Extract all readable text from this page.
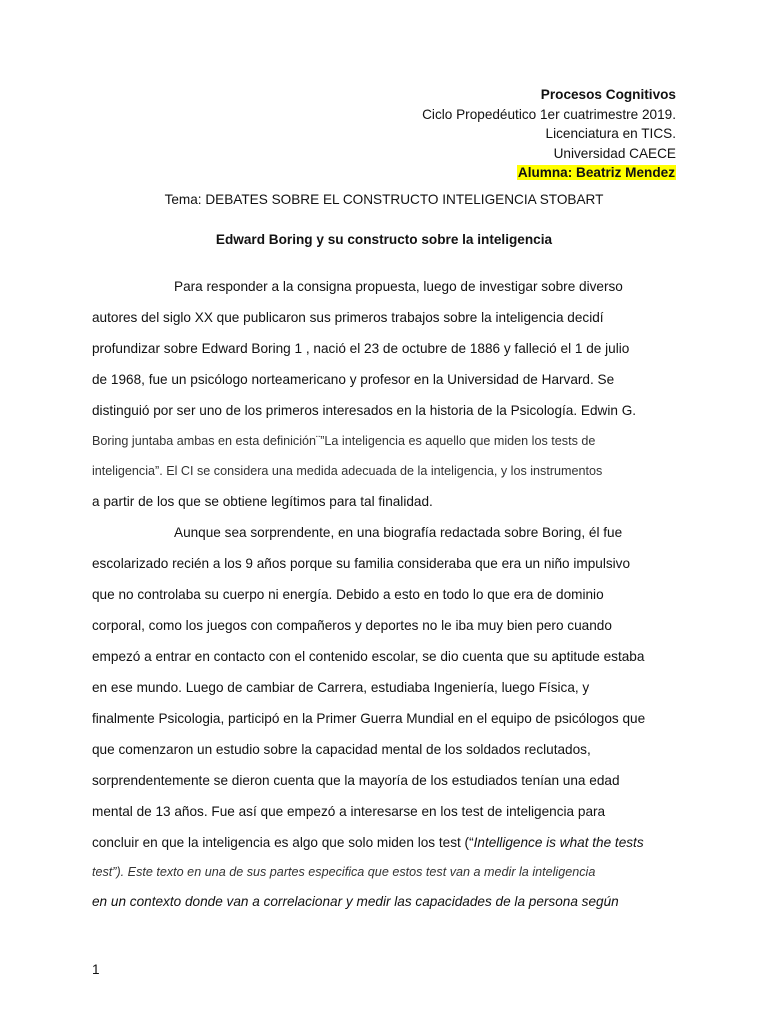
Procesos Cognitivos
Ciclo Propedéutico 1er cuatrimestre 2019.
Licenciatura en TICS.
Universidad CAECE
Alumna: Beatriz Mendez
Tema: DEBATES SOBRE EL CONSTRUCTO INTELIGENCIA STOBART
Edward Boring y su constructo sobre la inteligencia
Para responder a la consigna propuesta, luego de investigar sobre diverso
autores del siglo XX que publicaron sus primeros trabajos sobre la inteligencia decidí
profundizar sobre Edward Boring 1 , nació el 23 de octubre de 1886 y falleció el 1 de julio
de 1968, fue un psicólogo norteamericano y profesor en la Universidad de Harvard. Se
distinguió por ser uno de los primeros interesados en la historia de la Psicología. Edwin G.
Boring juntaba ambas en esta definición¨”La inteligencia es aquello que miden los tests de
inteligencia”. El CI se considera una medida adecuada de la inteligencia, y los instrumentos
a partir de los que se obtiene legítimos para tal finalidad.
Aunque sea sorprendente, en una biografía redactada sobre Boring, él fue
escolarizado recién a los 9 años porque su familia consideraba que era un niño impulsivo
que no controlaba su cuerpo ni energía. Debido a esto en todo lo que era de dominio
corporal, como los juegos con compañeros y deportes no le iba muy bien pero cuando
empezó a entrar en contacto con el contenido escolar, se dio cuenta que su aptitude estaba
en ese mundo. Luego de cambiar de Carrera, estudiaba Ingeniería, luego Física, y
finalmente Psicologia, participó en la Primer Guerra Mundial en el equipo de psicólogos que
que comenzaron un estudio sobre la capacidad mental de los soldados reclutados,
sorprendentemente se dieron cuenta que la mayoría de los estudiados tenían una edad
mental de 13 años. Fue así que empezó a interesarse en los test de inteligencia para
concluir en que la inteligencia es algo que solo miden los test (“Intelligence is what the tests
test”). Este texto en una de sus partes especifica que estos test van a medir la inteligencia
en un contexto donde van a correlacionar y medir las capacidades de la persona según
1
